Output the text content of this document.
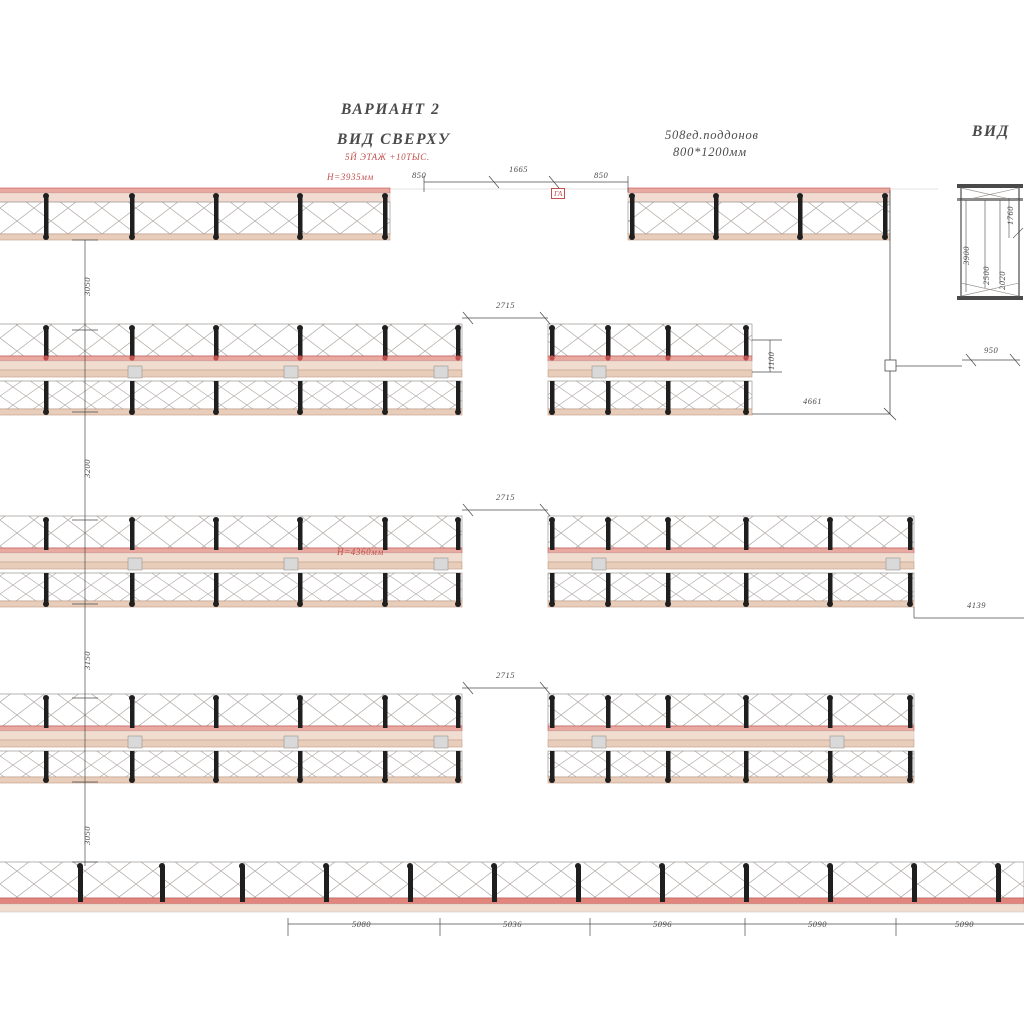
ВАРИАНТ 2
ВИД СВЕРХУ
5Й ЭТАЖ +10ТЫС.
H=3935мм
H=4360мм
508ед.поддонов
800*1200мм
ВИД
ГА
850
1665
850
2715
2715
2715
3050
3200
3150
3050
1100
4661
4139
950
3900
2500 2020
1760
5080	5036	5096	5090	5090
